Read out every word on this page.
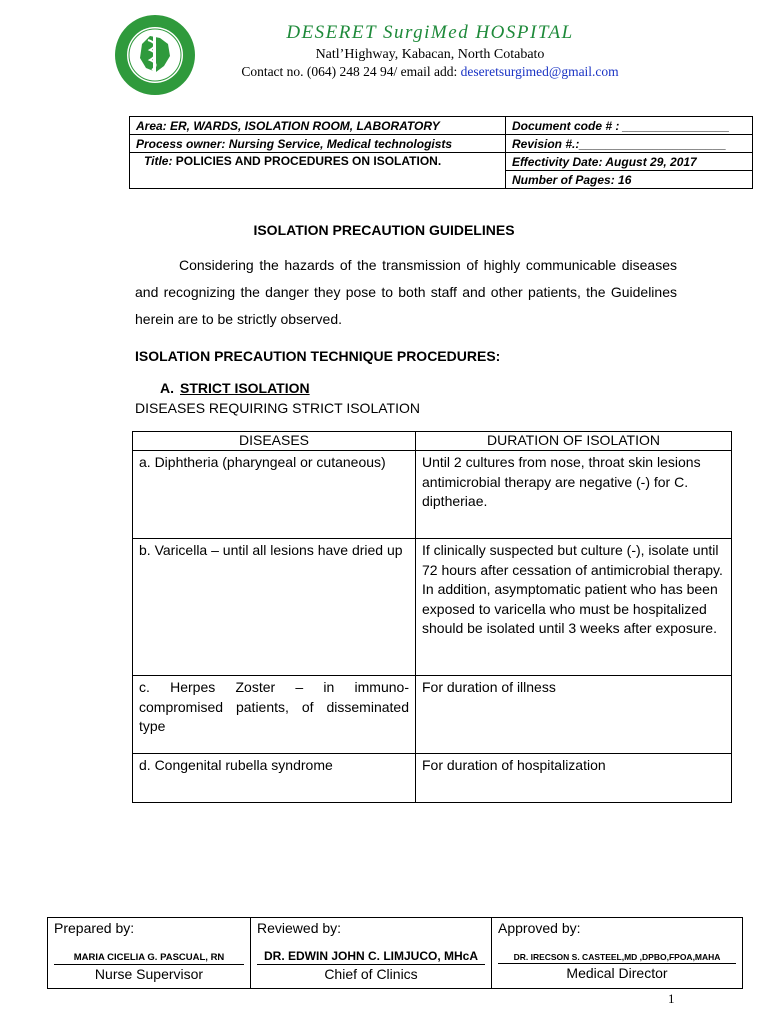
DESERET SurgiMed HOSPITAL
Natl’Highway, Kabacan, North Cotabato
Contact no. (064) 248 24 94/ email add: deseretsurgimed@gmail.com
Area: ER, WARDS, ISOLATION ROOM, LABORATORY	Document code # : ________________
Process owner: Nursing Service, Medical technologists	Revision #.:______________________
Title: POLICIES AND PROCEDURES ON ISOLATION.	Effectivity Date: August 29, 2017
	Number of Pages: 16
ISOLATION PRECAUTION GUIDELINES
Considering the hazards of the transmission of highly communicable diseases and recognizing the danger they pose to both staff and other patients, the Guidelines herein are to be strictly observed.
ISOLATION PRECAUTION TECHNIQUE PROCEDURES:
A. STRICT ISOLATION
DISEASES REQUIRING STRICT ISOLATION
DISEASES	DURATION OF ISOLATION
a. Diphtheria (pharyngeal or cutaneous)	Until 2 cultures from nose, throat skin lesions antimicrobial therapy are negative (-) for C. diptheriae.

b. Varicella – until all lesions have dried up	If clinically suspected but culture (-), isolate until 72 hours after cessation of antimicrobial therapy. In addition, asymptomatic patient who has been exposed to varicella who must be hospitalized should be isolated until 3 weeks after exposure.
c. Herpes Zoster – in immuno-compromised patients, of disseminated type	For duration of illness
d. Congenital rubella syndrome	For duration of hospitalization
Prepared by:
MARIA CICELIA G. PASCUAL, RN
Nurse Supervisor

Reviewed by:
DR. EDWIN JOHN C. LIMJUCO, MHcA
Chief of Clinics

Approved by:
DR. IRECSON S. CASTEEL,MD ,DPBO,FPOA,MAHA
Medical Director
1
